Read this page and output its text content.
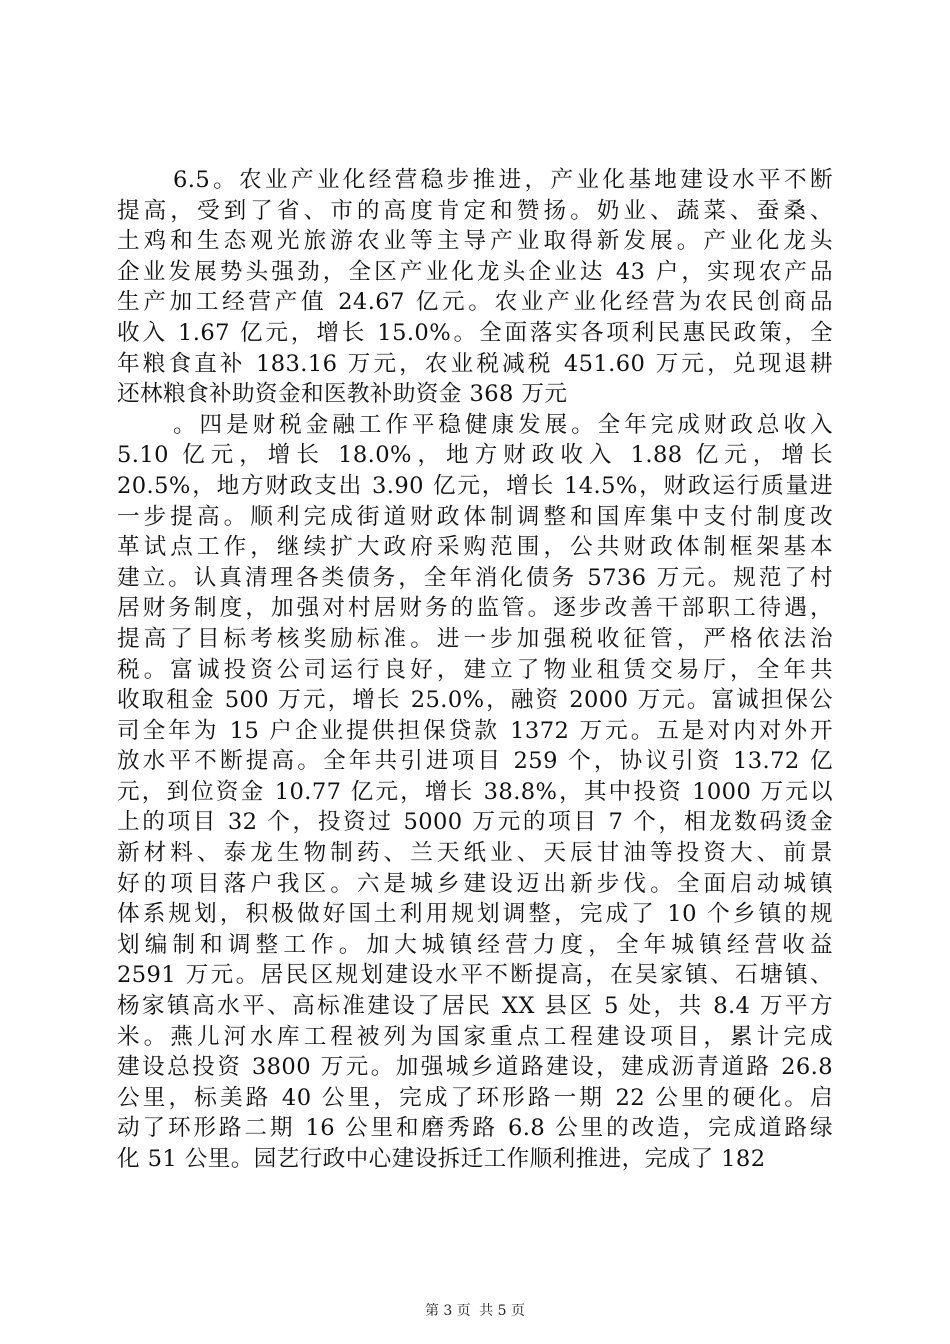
6.5。农业产业化经营稳步推进，产业化基地建设水平不断
提高，受到了省、市的高度肯定和赞扬。奶业、蔬菜、蚕桑、
土鸡和生态观光旅游农业等主导产业取得新发展。产业化龙头
企业发展势头强劲，全区产业化龙头企业达 43 户，实现农产品
生产加工经营产值 24.67 亿元。农业产业化经营为农民创商品
收入 1.67 亿元，增长 15.0%。全面落实各项利民惠民政策，全
年粮食直补 183.16 万元，农业税减税 451.60 万元，兑现退耕
还林粮食补助资金和医教补助资金 368 万元
。四是财税金融工作平稳健康发展。全年完成财政总收入
5.10 亿元，增长 18.0%，地方财政收入 1.88 亿元，增长
20.5%，地方财政支出 3.90 亿元，增长 14.5%，财政运行质量进
一步提高。顺利完成街道财政体制调整和国库集中支付制度改
革试点工作，继续扩大政府采购范围，公共财政体制框架基本
建立。认真清理各类债务，全年消化债务 5736 万元。规范了村
居财务制度，加强对村居财务的监管。逐步改善干部职工待遇，
提高了目标考核奖励标准。进一步加强税收征管，严格依法治
税。富诚投资公司运行良好，建立了物业租赁交易厅，全年共
收取租金 500 万元，增长 25.0%，融资 2000 万元。富诚担保公
司全年为 15 户企业提供担保贷款 1372 万元。五是对内对外开
放水平不断提高。全年共引进项目 259 个，协议引资 13.72 亿
元，到位资金 10.77 亿元，增长 38.8%，其中投资 1000 万元以
上的项目 32 个，投资过 5000 万元的项目 7 个，相龙数码烫金
新材料、泰龙生物制药、兰天纸业、天辰甘油等投资大、前景
好的项目落户我区。六是城乡建设迈出新步伐。全面启动城镇
体系规划，积极做好国土利用规划调整，完成了 10 个乡镇的规
划编制和调整工作。加大城镇经营力度，全年城镇经营收益
2591 万元。居民区规划建设水平不断提高，在吴家镇、石塘镇、
杨家镇高水平、高标准建设了居民 XX 县区 5 处，共 8.4 万平方
米。燕儿河水库工程被列为国家重点工程建设项目，累计完成
建设总投资 3800 万元。加强城乡道路建设，建成沥青道路 26.8
公里，标美路 40 公里，完成了环形路一期 22 公里的硬化。启
动了环形路二期 16 公里和磨秀路 6.8 公里的改造，完成道路绿
化 51 公里。园艺行政中心建设拆迁工作顺利推进，完成了 182
第 3 页 共 5 页
